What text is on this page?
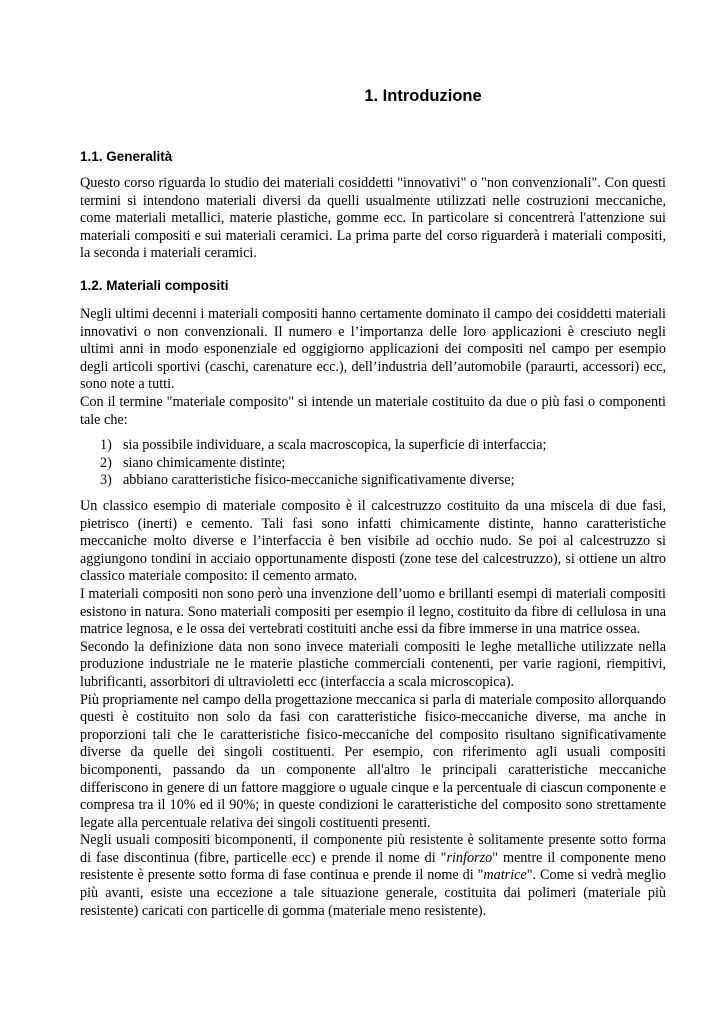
1. Introduzione
1.1. Generalità

Questo corso riguarda lo studio dei materiali cosiddetti "innovativi" o "non convenzionali". Con questi termini si intendono materiali diversi da quelli usualmente utilizzati nelle costruzioni meccaniche, come materiali metallici, materie plastiche, gomme ecc. In particolare si concentrerà l'attenzione sui materiali compositi e sui materiali ceramici. La prima parte del corso riguarderà i materiali compositi, la seconda i materiali ceramici.

1.2. Materiali compositi

Negli ultimi decenni i materiali compositi hanno certamente dominato il campo dei cosiddetti materiali innovativi o non convenzionali. Il numero e l’importanza delle loro applicazioni è cresciuto negli ultimi anni in modo esponenziale ed oggigiorno applicazioni dei compositi nel campo per esempio degli articoli sportivi (caschi, carenature ecc.), dell’industria dell’automobile (paraurti, accessori) ecc, sono note a tutti.

Con il termine "materiale composito" si intende un materiale costituito da due o più fasi o componenti tale che:

1) sia possibile individuare, a scala macroscopica, la superficie di interfaccia;
2) siano chimicamente distinte;
3) abbiano caratteristiche fisico-meccaniche significativamente diverse;

Un classico esempio di materiale composito è il calcestruzzo costituito da una miscela di due fasi, pietrisco (inerti) e cemento. Tali fasi sono infatti chimicamente distinte, hanno caratteristiche meccaniche molto diverse e l’interfaccia è ben visibile ad occhio nudo. Se poi al calcestruzzo si aggiungono tondini in acciaio opportunamente disposti (zone tese del calcestruzzo), si ottiene un altro classico materiale composito: il cemento armato.

I materiali compositi non sono però una invenzione dell’uomo e brillanti esempi di materiali compositi esistono in natura. Sono materiali compositi per esempio il legno, costituito da fibre di cellulosa in una matrice legnosa, e le ossa dei vertebrati costituiti anche essi da fibre immerse in una matrice ossea.

Secondo la definizione data non sono invece materiali compositi le leghe metalliche utilizzate nella produzione industriale ne le materie plastiche commerciali contenenti, per varie ragioni, riempitivi, lubrificanti, assorbitori di ultravioletti ecc (interfaccia a scala microscopica).

Più propriamente nel campo della progettazione meccanica si parla di materiale composito allorquando questi è costituito non solo da fasi con caratteristiche fisico-meccaniche diverse, ma anche in proporzioni tali che le caratteristiche fisico-meccaniche del composito risultano significativamente diverse da quelle dei singoli costituenti. Per esempio, con riferimento agli usuali compositi bicomponenti, passando da un componente all'altro le principali caratteristiche meccaniche differiscono in genere di un fattore maggiore o uguale cinque e la percentuale di ciascun componente e compresa tra il 10% ed il 90%; in queste condizioni le caratteristiche del composito sono strettamente legate alla percentuale relativa dei singoli costituenti presenti.

Negli usuali compositi bicomponenti, il componente più resistente è solitamente presente sotto forma di fase discontinua (fibre, particelle ecc) e prende il nome di "rinforzo" mentre il componente meno resistente è presente sotto forma di fase continua e prende il nome di "matrice". Come si vedrà meglio più avanti, esiste una eccezione a tale situazione generale, costituita dai polimeri (materiale più resistente) caricati con particelle di gomma (materiale meno resistente).
